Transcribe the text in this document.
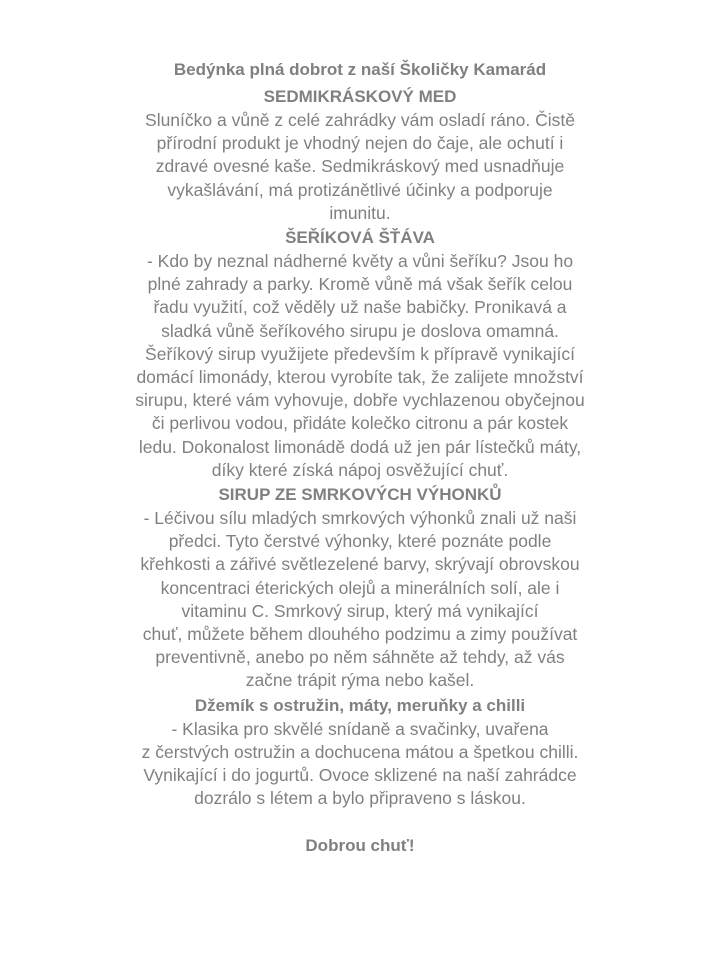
Bedýnka plná dobrot z naší Školičky Kamarád

SEDMIKRÁSKOVÝ MED

Sluníčko a vůně z celé zahrádky vám osladí ráno. Čistě
přírodní produkt je vhodný nejen do čaje, ale ochutí i
zdravé ovesné kaše. Sedmikráskový med usnadňuje
vykašlávání, má protizánětlivé účinky a podporuje
imunitu.

ŠEŘÍKOVÁ ŠŤÁVA

- Kdo by neznal nádherné květy a vůni šeříku? Jsou ho
plné zahrady a parky. Kromě vůně má však šeřík celou
řadu využití, což věděly už naše babičky. Pronikavá a
sladká vůně šeříkového sirupu je doslova omamná.
Šeříkový sirup využijete především k přípravě vynikající
domácí limonády, kterou vyrobíte tak, že zalijete množství
sirupu, které vám vyhovuje, dobře vychlazenou obyčejnou
či perlivou vodou, přidáte kolečko citronu a pár kostek
ledu. Dokonalost limonádě dodá už jen pár lístečků máty,
díky které získá nápoj osvěžující chuť.

SIRUP ZE SMRKOVÝCH VÝHONKŮ

- Léčivou sílu mladých smrkových výhonků znali už naši
předci. Tyto čerstvé výhonky, které poznáte podle
křehkosti a zářivé světlezelené barvy, skrývají obrovskou
koncentraci éterických olejů a minerálních solí, ale i
vitaminu C. Smrkový sirup, který má vynikající
chuť, můžete během dlouhého podzimu a zimy používat
preventivně, anebo po něm sáhněte až tehdy, až vás
začne trápit rýma nebo kašel.

Džemík s ostružin, máty, meruňky a chilli

- Klasika pro skvělé snídaně a svačinky, uvařena
z čerstvých ostružin a dochucena mátou a špetkou chilli.
Vynikající i do jogurtů. Ovoce sklizené na naší zahrádce
dozrálo s létem a bylo připraveno s láskou.

Dobrou chuť!
